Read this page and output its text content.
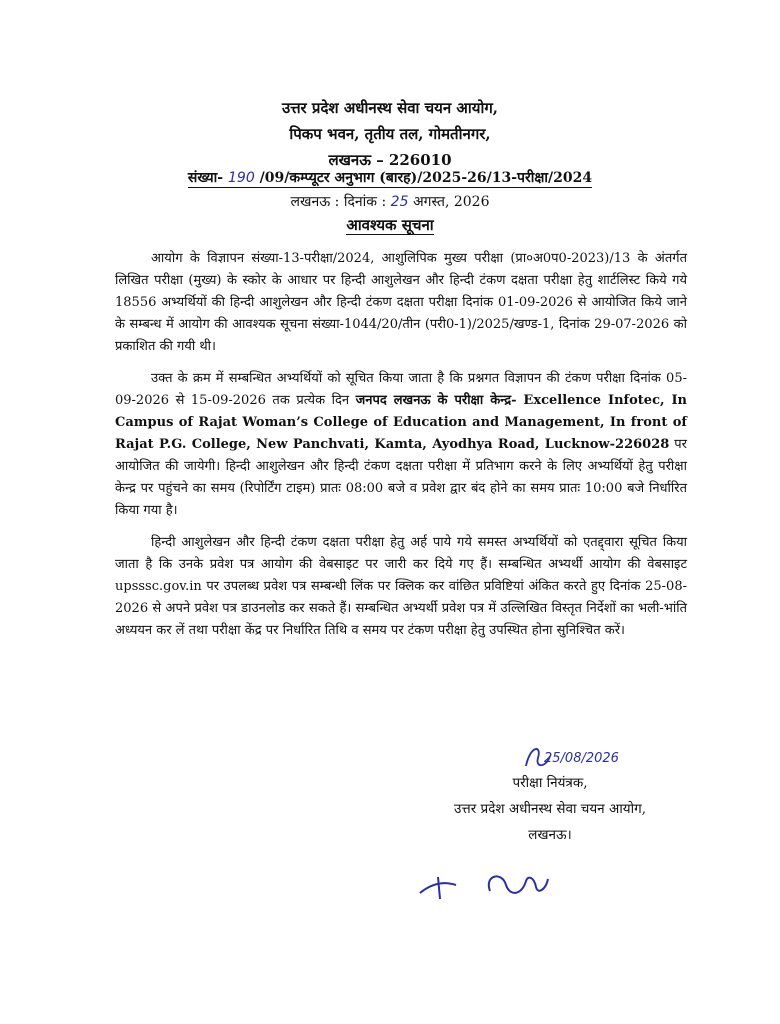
उत्तर प्रदेश अधीनस्थ सेवा चयन आयोग,
पिकप भवन, तृतीय तल, गोमतीनगर,
लखनऊ – 226010
संख्या- 190 /09/कम्प्यूटर अनुभाग (बारह)/2025-26/13-परीक्षा/2024
लखनऊ : दिनांक : 25 अगस्त, 2026
आवश्यक सूचना

आयोग के विज्ञापन संख्या-13-परीक्षा/2024, आशुलिपिक मुख्य परीक्षा (प्रा०अ0प0-2023)/13 के अंतर्गत लिखित परीक्षा (मुख्य) के स्कोर के आधार पर हिन्दी आशुलेखन और हिन्दी टंकण दक्षता परीक्षा हेतु शार्टलिस्ट किये गये 18556 अभ्यर्थियों की हिन्दी आशुलेखन और हिन्दी टंकण दक्षता परीक्षा दिनांक 01-09-2026 से आयोजित किये जाने के सम्बन्ध में आयोग की आवश्यक सूचना संख्या-1044/20/तीन (परी0-1)/2025/खण्ड-1, दिनांक 29-07-2026 को प्रकाशित की गयी थी।

उक्त के क्रम में सम्बन्धित अभ्यर्थियों को सूचित किया जाता है कि प्रश्नगत विज्ञापन की टंकण परीक्षा दिनांक 05-09-2026 से 15-09-2026 तक प्रत्येक दिन जनपद लखनऊ के परीक्षा केन्द्र- Excellence Infotec, In Campus of Rajat Woman’s College of Education and Management, In front of Rajat P.G. College, New Panchvati, Kamta, Ayodhya Road, Lucknow-226028 पर आयोजित की जायेगी। हिन्दी आशुलेखन और हिन्दी टंकण दक्षता परीक्षा में प्रतिभाग करने के लिए अभ्यर्थियों हेतु परीक्षा केन्द्र पर पहुंचने का समय (रिपोर्टिंग टाइम) प्रातः 08:00 बजे व प्रवेश द्वार बंद होने का समय प्रातः 10:00 बजे निर्धारित किया गया है।

हिन्दी आशुलेखन और हिन्दी टंकण दक्षता परीक्षा हेतु अर्ह पाये गये समस्त अभ्यर्थियों को एतद्द्वारा सूचित किया जाता है कि उनके प्रवेश पत्र आयोग की वेबसाइट पर जारी कर दिये गए हैं। सम्बन्धित अभ्यर्थी आयोग की वेबसाइट upsssc.gov.in पर उपलब्ध प्रवेश पत्र सम्बन्धी लिंक पर क्लिक कर वांछित प्रविष्टियां अंकित करते हुए दिनांक 25-08-2026 से अपने प्रवेश पत्र डाउनलोड कर सकते हैं। सम्बन्धित अभ्यर्थी प्रवेश पत्र में उल्लिखित विस्तृत निर्देशों का भली-भांति अध्ययन कर लें तथा परीक्षा केंद्र पर निर्धारित तिथि व समय पर टंकण परीक्षा हेतु उपस्थित होना सुनिश्चित करें।

25/08/2026
परीक्षा नियंत्रक,
उत्तर प्रदेश अधीनस्थ सेवा चयन आयोग,
लखनऊ।
